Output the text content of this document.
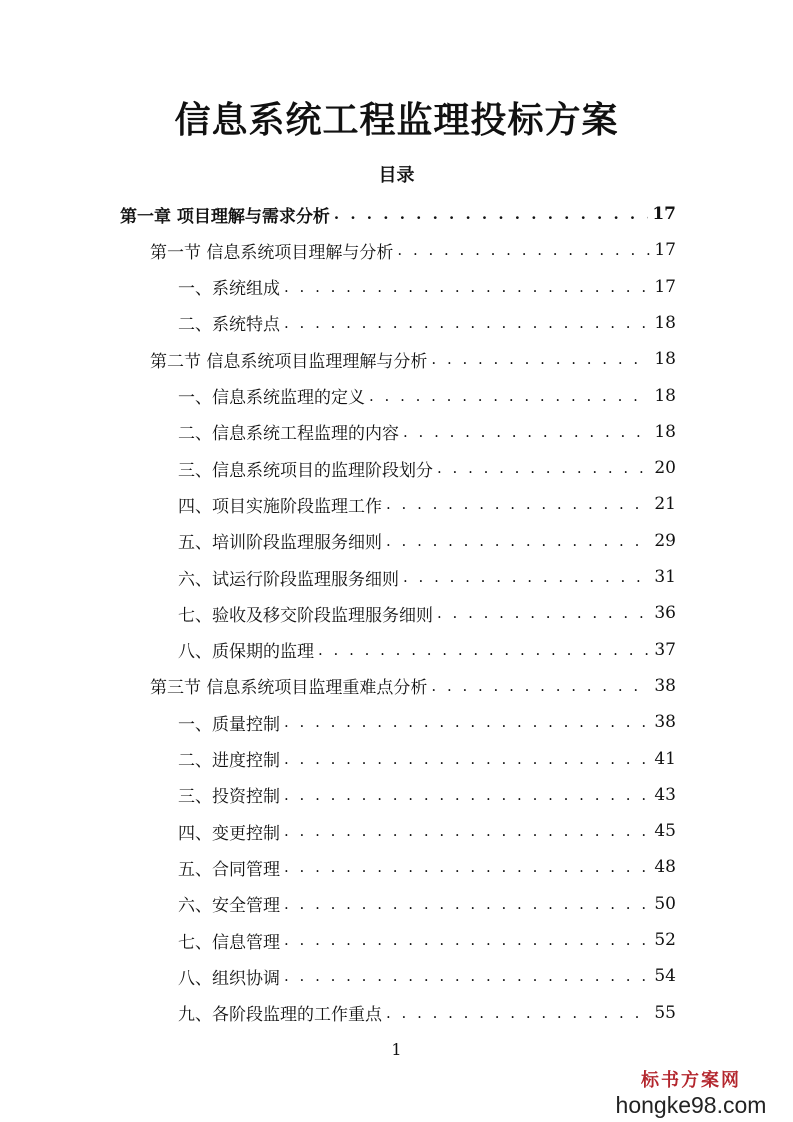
信息系统工程监理投标方案
目录
第一章 项目理解与需求分析 . . .	17
第一节 信息系统项目理解与分析 . . .	17
一、系统组成 . . .	17
二、系统特点 . . .	18
第二节 信息系统项目监理理解与分析 . . .	18
一、信息系统监理的定义 . . .	18
二、信息系统工程监理的内容 . . .	18
三、信息系统项目的监理阶段划分 . . .	20
四、项目实施阶段监理工作 . . .	21
五、培训阶段监理服务细则 . . .	29
六、试运行阶段监理服务细则 . . .	31
七、验收及移交阶段监理服务细则 . . .	36
八、质保期的监理 . . .	37
第三节 信息系统项目监理重难点分析 . . .	38
一、质量控制 . . .	38
二、进度控制 . . .	41
三、投资控制 . . .	43
四、变更控制 . . .	45
五、合同管理 . . .	48
六、安全管理 . . .	50
七、信息管理 . . .	52
八、组织协调 . . .	54
九、各阶段监理的工作重点 . . .	55
1
标书方案网
hongke98.com
